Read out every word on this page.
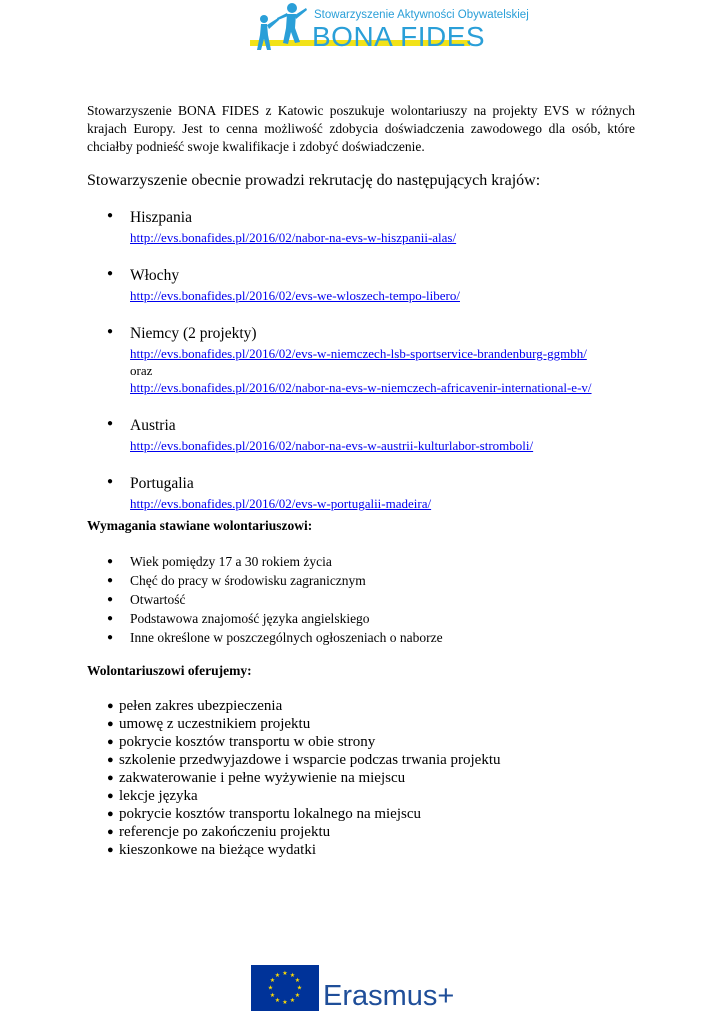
Stowarzyszenie Aktywności Obywatelskiej
BONA FIDES

Stowarzyszenie BONA FIDES z Katowic poszukuje wolontariuszy na projekty EVS w różnych krajach Europy. Jest to cenna możliwość zdobycia doświadczenia zawodowego dla osób, które chciałby podnieść swoje kwalifikacje i zdobyć doświadczenie.

Stowarzyszenie obecnie prowadzi rekrutację do następujących krajów:

● Hiszpania
http://evs.bonafides.pl/2016/02/nabor-na-evs-w-hiszpanii-alas/
● Włochy
http://evs.bonafides.pl/2016/02/evs-we-wloszech-tempo-libero/
● Niemcy (2 projekty)
http://evs.bonafides.pl/2016/02/evs-w-niemczech-lsb-sportservice-brandenburg-ggmbh/
oraz
http://evs.bonafides.pl/2016/02/nabor-na-evs-w-niemczech-africavenir-international-e-v/
● Austria
http://evs.bonafides.pl/2016/02/nabor-na-evs-w-austrii-kulturlabor-stromboli/
● Portugalia
http://evs.bonafides.pl/2016/02/evs-w-portugalii-madeira/

Wymagania stawiane wolontariuszowi:

● Wiek pomiędzy 17 a 30 rokiem życia
● Chęć do pracy w środowisku zagranicznym
● Otwartość
● Podstawowa znajomość języka angielskiego
● Inne określone w poszczególnych ogłoszeniach o naborze

Wolontariuszowi oferujemy:

● pełen zakres ubezpieczenia
● umowę z uczestnikiem projektu
● pokrycie kosztów transportu w obie strony
● szkolenie przedwyjazdowe i wsparcie podczas trwania projektu
● zakwaterowanie i pełne wyżywienie na miejscu
● lekcje języka
● pokrycie kosztów transportu lokalnego na miejscu
● referencje po zakończeniu projektu
● kieszonkowe na bieżące wydatki
★ ★
★
★
★
★
★
★
★
★
★
★
Erasmus+
